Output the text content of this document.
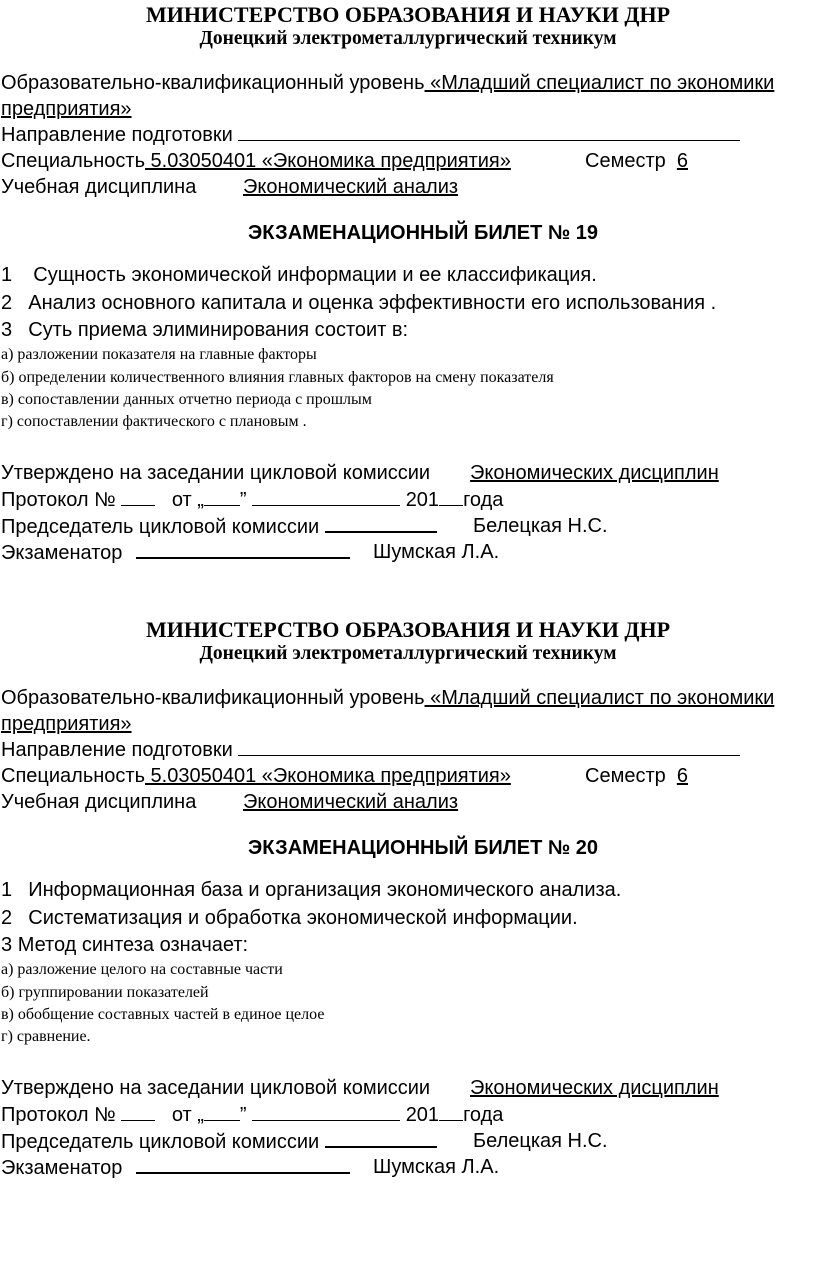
МИНИСТЕРСТВО ОБРАЗОВАНИЯ И НАУКИ ДНР
Донецкий электрометаллургический техникум
Образовательно-квалификационный уровень «Младший специалист по экономики
предприятия»
Направление подготовки
Специальность 5.03050401 «Экономика предприятия»	Семестр 6
Учебная дисциплина Экономический анализ
ЭКЗАМЕНАЦИОННЫЙ БИЛЕТ № 19
1 Сущность экономической информации и ее классификация.
2 Анализ основного капитала и оценка эффективности его использования .
3 Суть приема элиминирования состоит в:
а) разложении показателя на главные факторы
б) определении количественного влияния главных факторов на смену показателя
в) сопоставлении данных отчетно периода с прошлым
г) сопоставлении фактического с плановым .
Утверждено на заседании цикловой комиссии Экономических дисциплин
Протокол №	от „ ”	201 года
Председатель цикловой комиссии	Белецкая Н.С.
Экзаменатор	Шумская Л.А.
МИНИСТЕРСТВО ОБРАЗОВАНИЯ И НАУКИ ДНР
Донецкий электрометаллургический техникум
Образовательно-квалификационный уровень «Младший специалист по экономики
предприятия»
Направление подготовки
Специальность 5.03050401 «Экономика предприятия»	Семестр 6
Учебная дисциплина Экономический анализ
ЭКЗАМЕНАЦИОННЫЙ БИЛЕТ № 20
1 Информационная база и организация экономического анализа.
2 Систематизация и обработка экономической информации.
3 Метод синтеза означает:
а) разложение целого на составные части
б) группировании показателей
в) обобщение составных частей в единое целое
г) сравнение.
Утверждено на заседании цикловой комиссии Экономических дисциплин
Протокол №	от „ ”	201 года
Председатель цикловой комиссии	Белецкая Н.С.
Экзаменатор	Шумская Л.А.
